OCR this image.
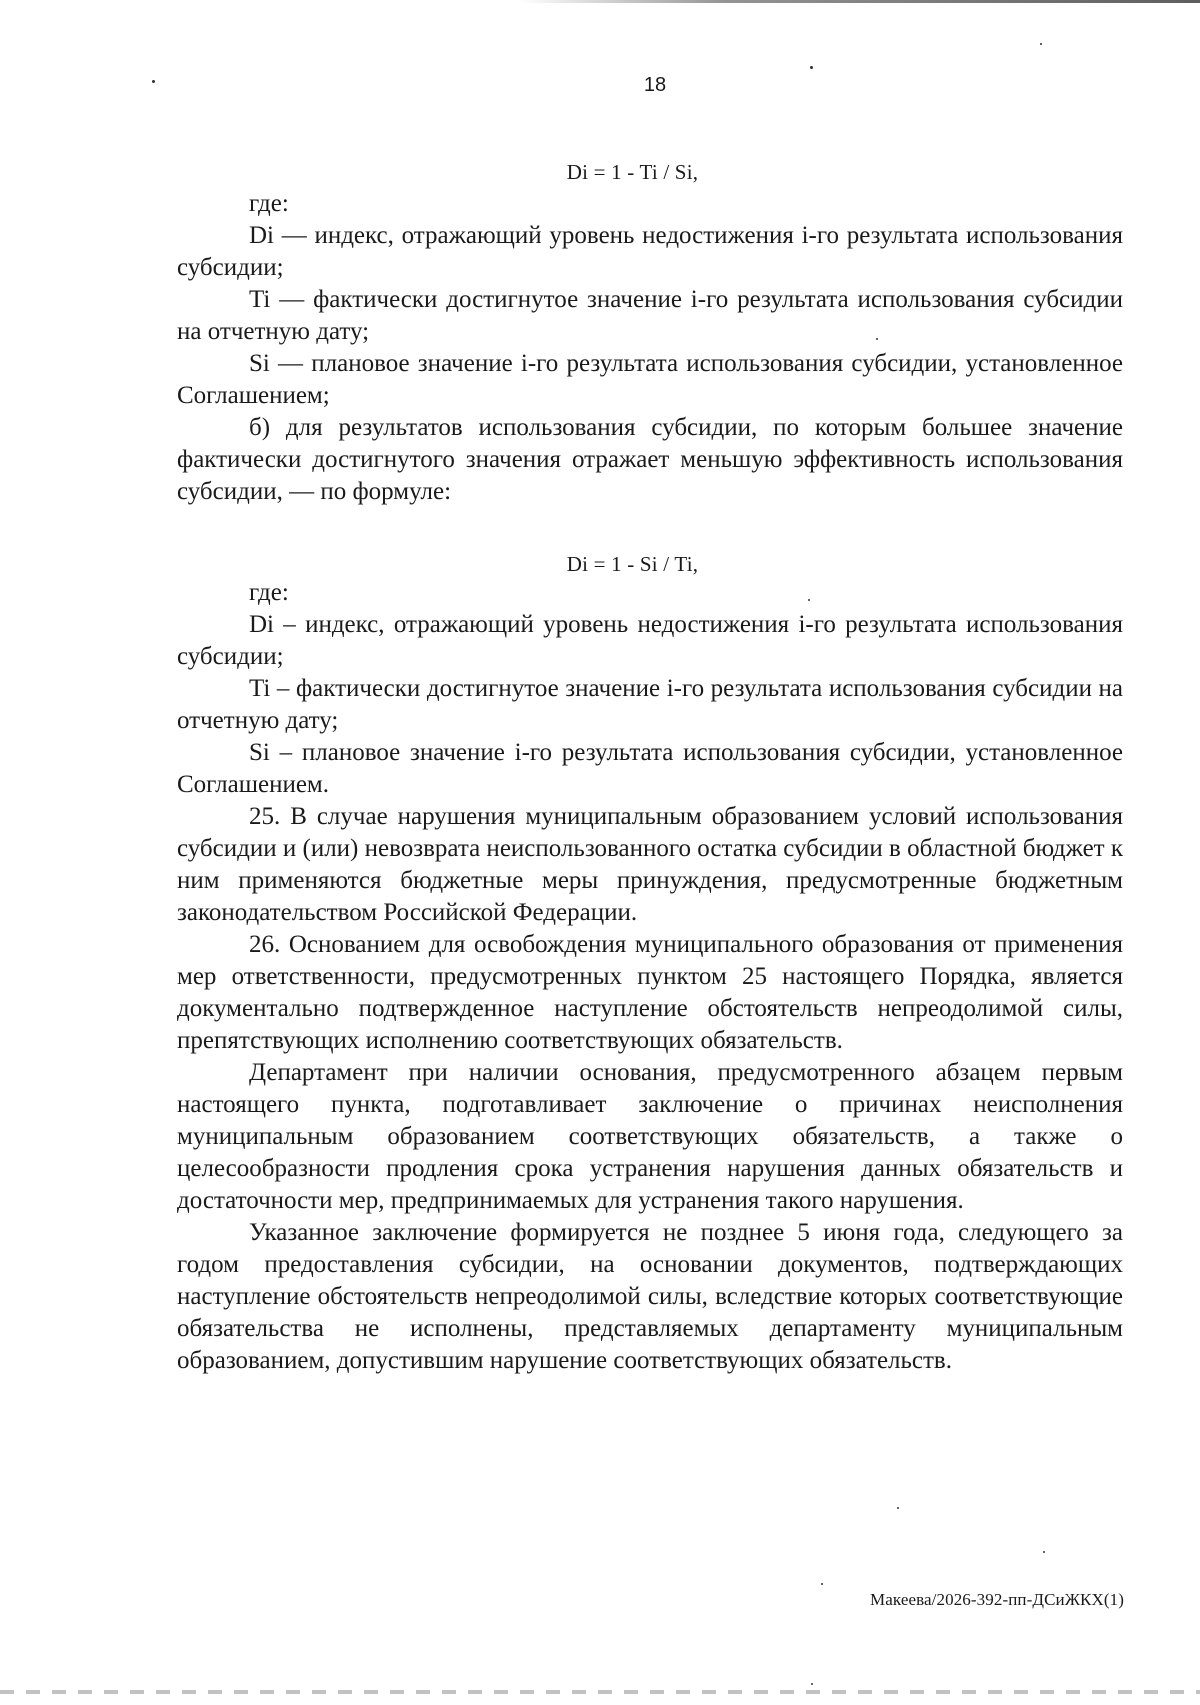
18
Di = 1 - Ti / Si,

где:

Di — индекс, отражающий уровень недостижения i-го результата использования субсидии;

Ti — фактически достигнутое значение i-го результата использования субсидии на отчетную дату;

Si — плановое значение i-го результата использования субсидии, установленное Соглашением;

б) для результатов использования субсидии, по которым большее значение фактически достигнутого значения отражает меньшую эффективность использования субсидии, — по формуле:

Di = 1 - Si / Ti,

где:

Di – индекс, отражающий уровень недостижения i-го результата использования субсидии;

Ti – фактически достигнутое значение i-го результата использования субсидии на отчетную дату;

Si – плановое значение i-го результата использования субсидии, установленное Соглашением.

25. В случае нарушения муниципальным образованием условий использования субсидии и (или) невозврата неиспользованного остатка субсидии в областной бюджет к ним применяются бюджетные меры принуждения, предусмотренные бюджетным законодательством Российской Федерации.

26. Основанием для освобождения муниципального образования от применения мер ответственности, предусмотренных пунктом 25 настоящего Порядка, является документально подтвержденное наступление обстоятельств непреодолимой силы, препятствующих исполнению соответствующих обязательств.

Департамент при наличии основания, предусмотренного абзацем первым настоящего пункта, подготавливает заключение о причинах неисполнения муниципальным образованием соответствующих обязательств, а также о целесообразности продления срока устранения нарушения данных обязательств и достаточности мер, предпринимаемых для устранения такого нарушения.

Указанное заключение формируется не позднее 5 июня года, следующего за годом предоставления субсидии, на основании документов, подтверждающих наступление обстоятельств непреодолимой силы, вследствие которых соответствующие обязательства не исполнены, представляемых департаменту муниципальным образованием, допустившим нарушение соответствующих обязательств.

Макеева/2026-392-пп-ДСиЖКХ(1)
